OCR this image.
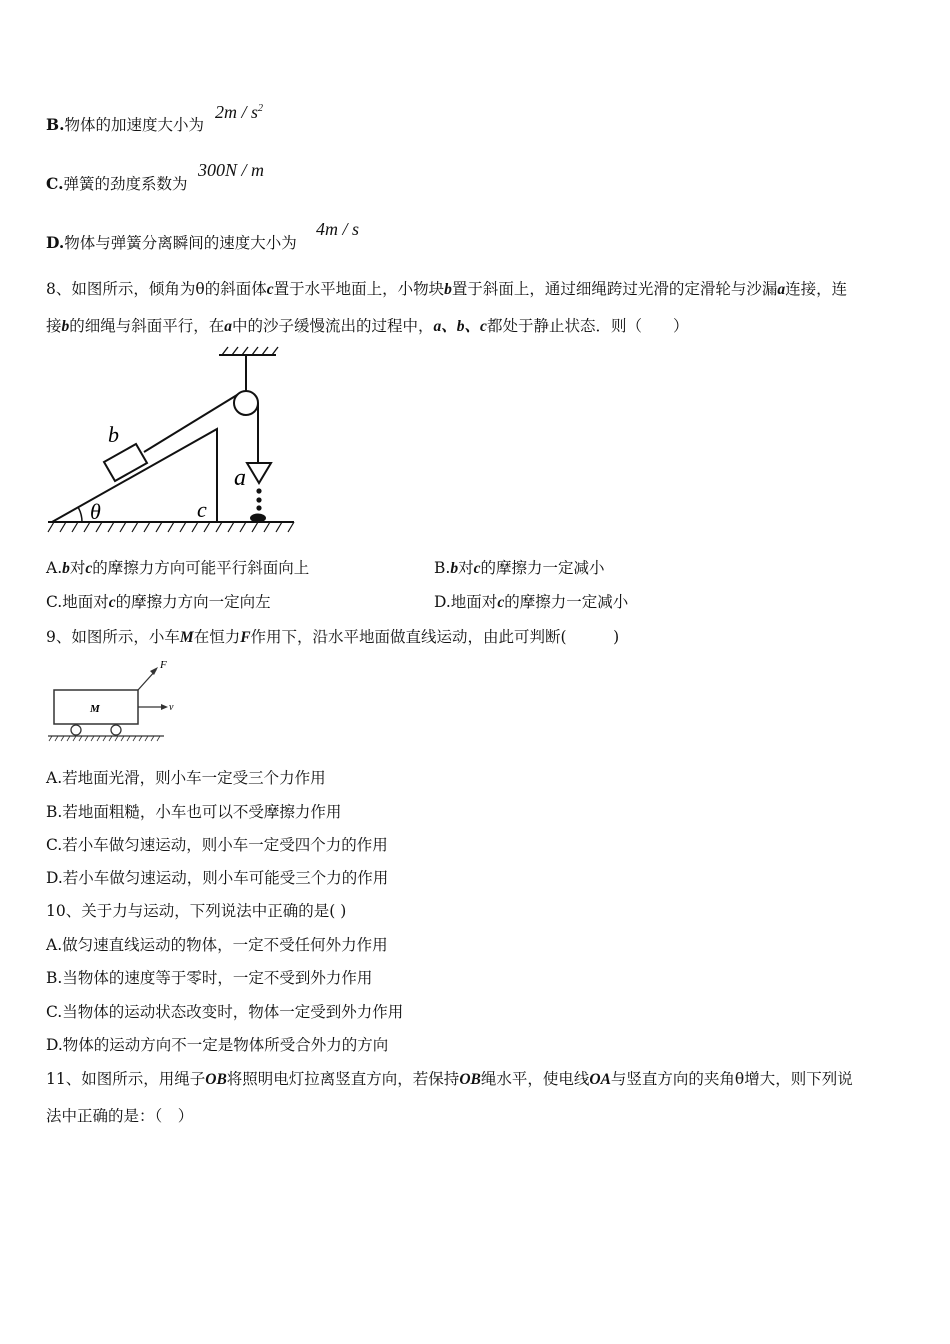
B.物体的加速度大小为
$2m / s^2$
C.弹簧的劲度系数为
300N / m
D.物体与弹簧分离瞬间的速度大小为
4m / s
8、如图所示，倾角为θ的斜面体c置于水平地面上，小物块b置于斜面上，通过细绳跨过光滑的定滑轮与沙漏a连接，连
接b的细绳与斜面平行，在a中的沙子缓慢流出的过程中，a、b、c都处于静止状态．则（　　）
θ
b
a
c
A.b对c的摩擦力方向可能平行斜面向上	B.b对c的摩擦力一定减小
C.地面对c的摩擦力方向一定向左	D.地面对c的摩擦力一定减小
9、如图所示，小车M在恒力F作用下，沿水平地面做直线运动，由此可判断(　　　)
M
F
v
A.若地面光滑，则小车一定受三个力作用
B.若地面粗糙，小车也可以不受摩擦力作用
C.若小车做匀速运动，则小车一定受四个力的作用
D.若小车做匀速运动，则小车可能受三个力的作用
10、关于力与运动，下列说法中正确的是( )
A.做匀速直线运动的物体，一定不受任何外力作用
B.当物体的速度等于零时，一定不受到外力作用
C.当物体的运动状态改变时，物体一定受到外力作用
D.物体的运动方向不一定是物体所受合外力的方向
11、如图所示，用绳子OB将照明电灯拉离竖直方向，若保持OB绳水平，使电线OA与竖直方向的夹角θ增大，则下列说
法中正确的是：（　）
